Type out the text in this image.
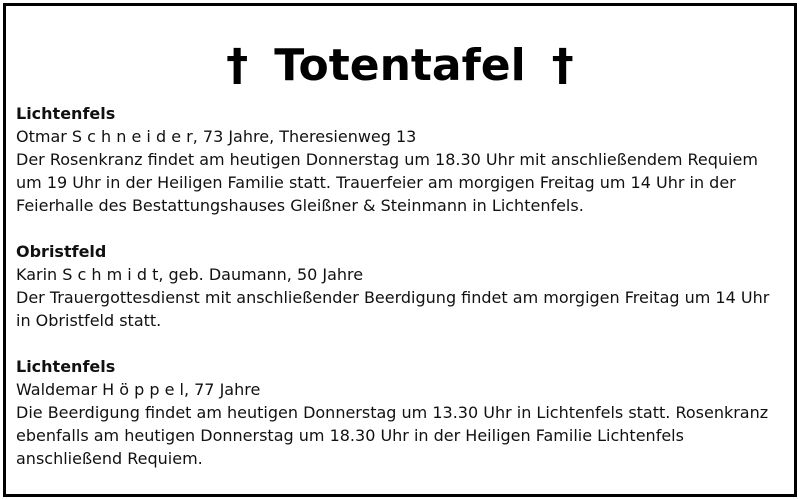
† Totentafel †
Lichtenfels
Otmar S c h n e i d e r, 73 Jahre, Theresienweg 13
Der Rosenkranz findet am heutigen Donnerstag um 18.30 Uhr mit anschließendem Requiem um 19 Uhr in der Heiligen Familie statt. Trauerfeier am morgigen Freitag um 14 Uhr in der Feierhalle des Bestattungshauses Gleißner & Steinmann in Lichtenfels.
Obristfeld
Karin S c h m i d t, geb. Daumann, 50 Jahre
Der Trauergottesdienst mit anschließender Beerdigung findet am morgigen Freitag um 14 Uhr in Obristfeld statt.
Lichtenfels
Waldemar H ö p p e l, 77 Jahre
Die Beerdigung findet am heutigen Donnerstag um 13.30 Uhr in Lichtenfels statt. Rosenkranz ebenfalls am heutigen Donnerstag um 18.30 Uhr in der Heiligen Familie Lichtenfels anschließend Requiem.
